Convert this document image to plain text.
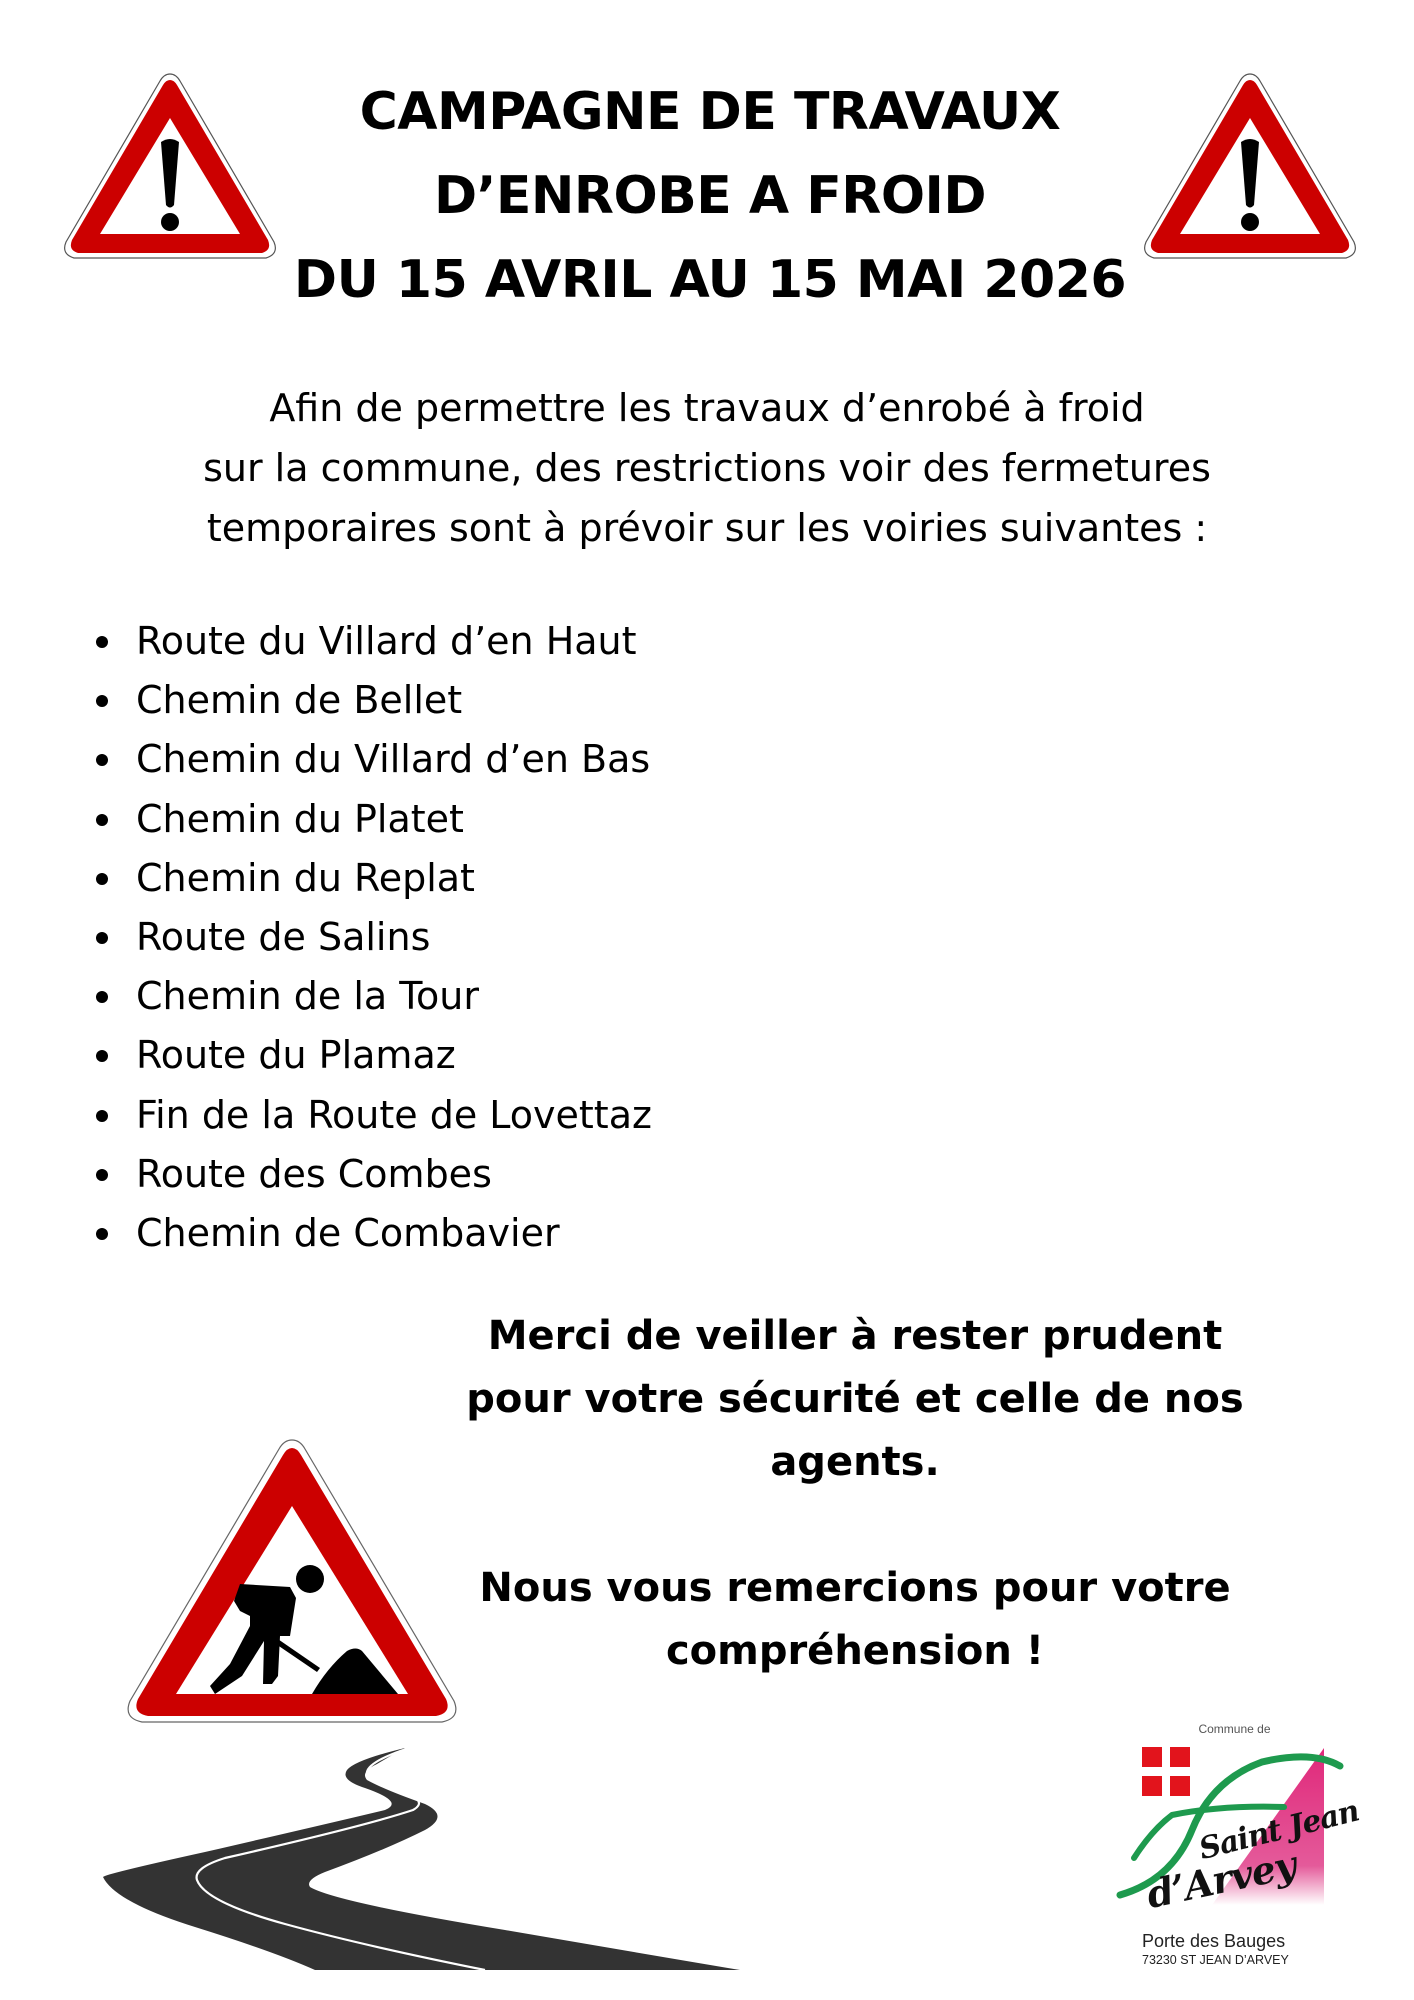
CAMPAGNE DE TRAVAUX
D’ENROBE A FROID
DU 15 AVRIL AU 15 MAI 2026
Afin de permettre les travaux d’enrobé à froid
sur la commune, des restrictions voir des fermetures
temporaires sont à prévoir sur les voiries suivantes :
Route du Villard d’en Haut
Chemin de Bellet
Chemin du Villard d’en Bas
Chemin du Platet
Chemin du Replat
Route de Salins
Chemin de la Tour
Route du Plamaz
Fin de la Route de Lovettaz
Route des Combes
Chemin de Combavier
Merci de veiller à rester prudent
pour votre sécurité et celle de nos
agents.
Nous vous remercions pour votre
compréhension !
Commune de
Saint Jean
d’Arvey
Porte des Bauges
73230 ST JEAN D’ARVEY
